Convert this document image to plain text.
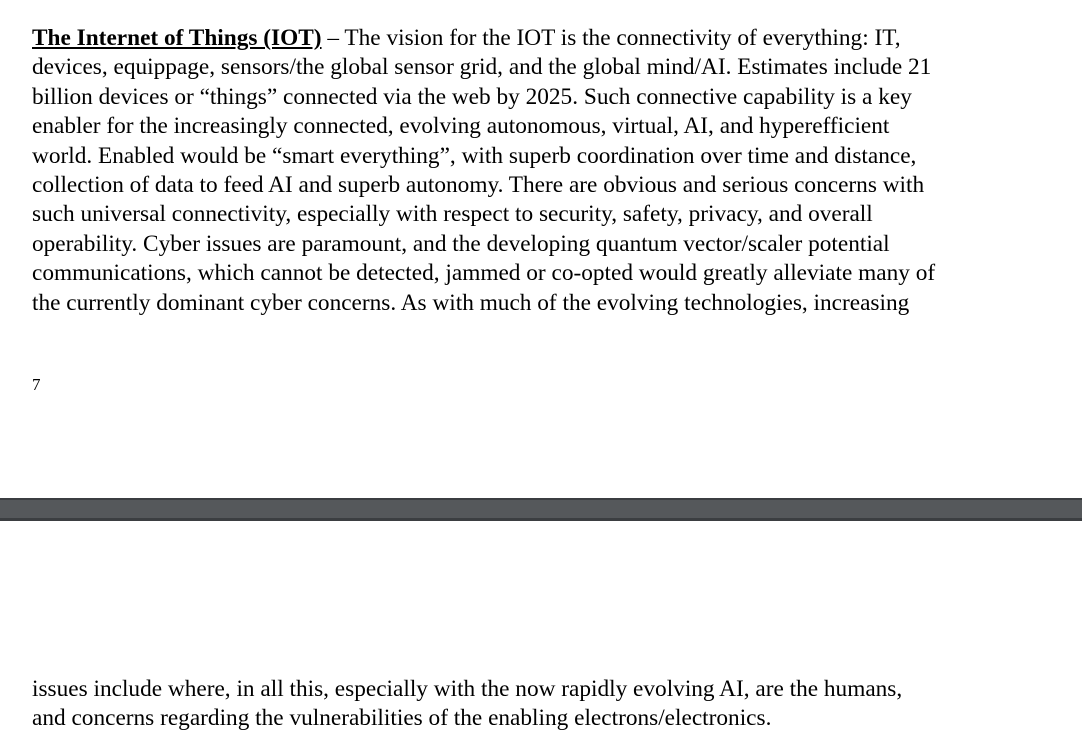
The Internet of Things (IOT) – The vision for the IOT is the connectivity of everything: IT,
devices, equippage, sensors/the global sensor grid, and the global mind/AI. Estimates include 21
billion devices or “things” connected via the web by 2025. Such connective capability is a key
enabler for the increasingly connected, evolving autonomous, virtual, AI, and hyperefficient
world. Enabled would be “smart everything”, with superb coordination over time and distance,
collection of data to feed AI and superb autonomy. There are obvious and serious concerns with
such universal connectivity, especially with respect to security, safety, privacy, and overall
operability. Cyber issues are paramount, and the developing quantum vector/scaler potential
communications, which cannot be detected, jammed or co-opted would greatly alleviate many of
the currently dominant cyber concerns. As with much of the evolving technologies, increasing

7

issues include where, in all this, especially with the now rapidly evolving AI, are the humans,
and concerns regarding the vulnerabilities of the enabling electrons/electronics.
